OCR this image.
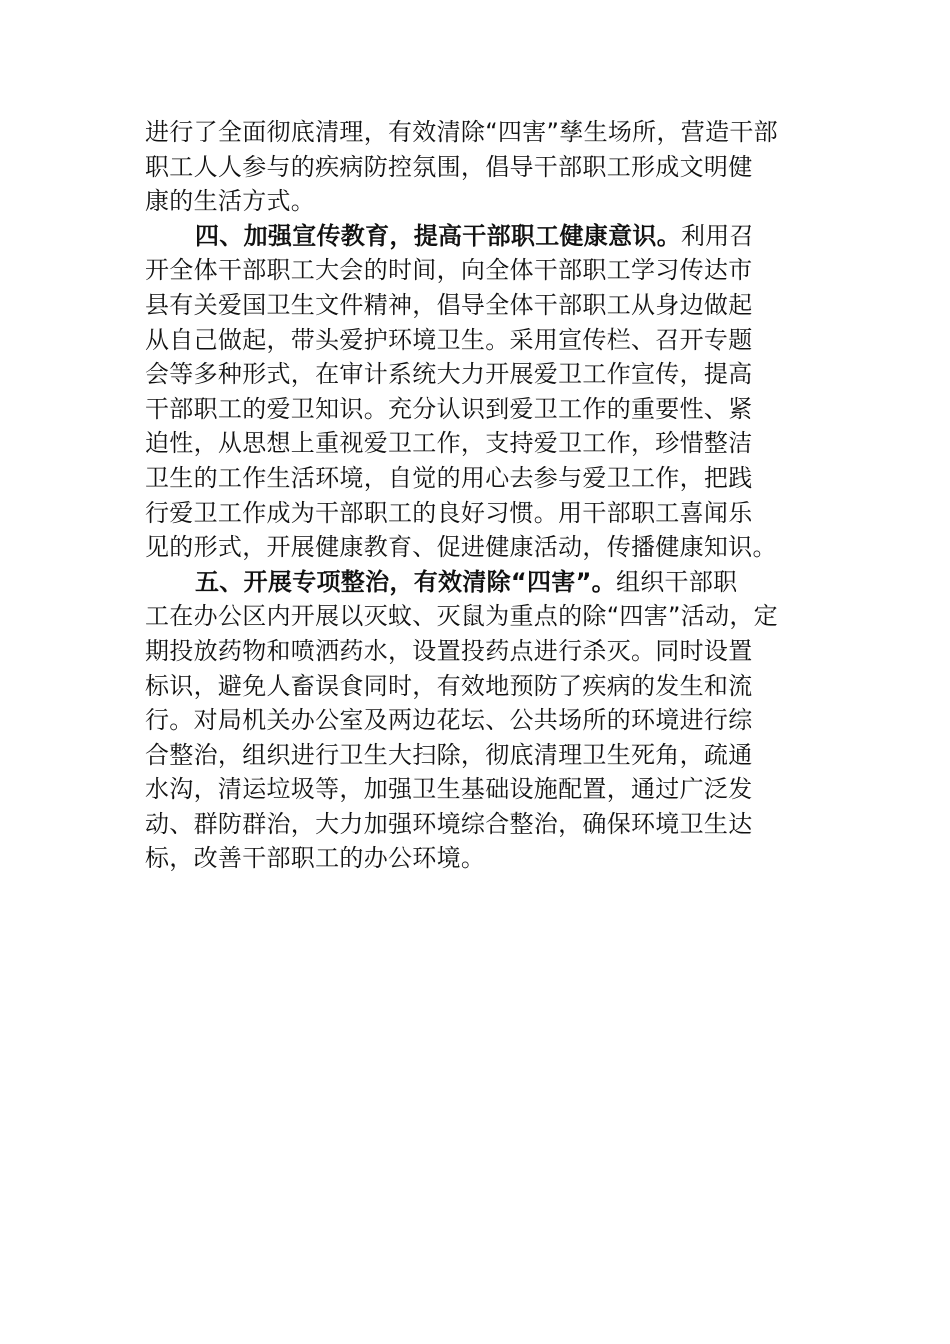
进行了全面彻底清理，有效清除“四害”孳生场所，营造干部
职工人人参与的疾病防控氛围，倡导干部职工形成文明健
康的生活方式。
四、加强宣传教育，提高干部职工健康意识。利用召
开全体干部职工大会的时间，向全体干部职工学习传达市
县有关爱国卫生文件精神，倡导全体干部职工从身边做起
从自己做起，带头爱护环境卫生。采用宣传栏、召开专题
会等多种形式，在审计系统大力开展爱卫工作宣传，提高
干部职工的爱卫知识。充分认识到爱卫工作的重要性、紧
迫性，从思想上重视爱卫工作，支持爱卫工作，珍惜整洁
卫生的工作生活环境，自觉的用心去参与爱卫工作，把践
行爱卫工作成为干部职工的良好习惯。用干部职工喜闻乐
见的形式，开展健康教育、促进健康活动，传播健康知识。
五、开展专项整治，有效清除“四害”。组织干部职
工在办公区内开展以灭蚊、灭鼠为重点的除“四害”活动，定
期投放药物和喷洒药水，设置投药点进行杀灭。同时设置
标识，避免人畜误食同时，有效地预防了疾病的发生和流
行。对局机关办公室及两边花坛、公共场所的环境进行综
合整治，组织进行卫生大扫除，彻底清理卫生死角，疏通
水沟，清运垃圾等，加强卫生基础设施配置，通过广泛发
动、群防群治，大力加强环境综合整治，确保环境卫生达
标，改善干部职工的办公环境。
